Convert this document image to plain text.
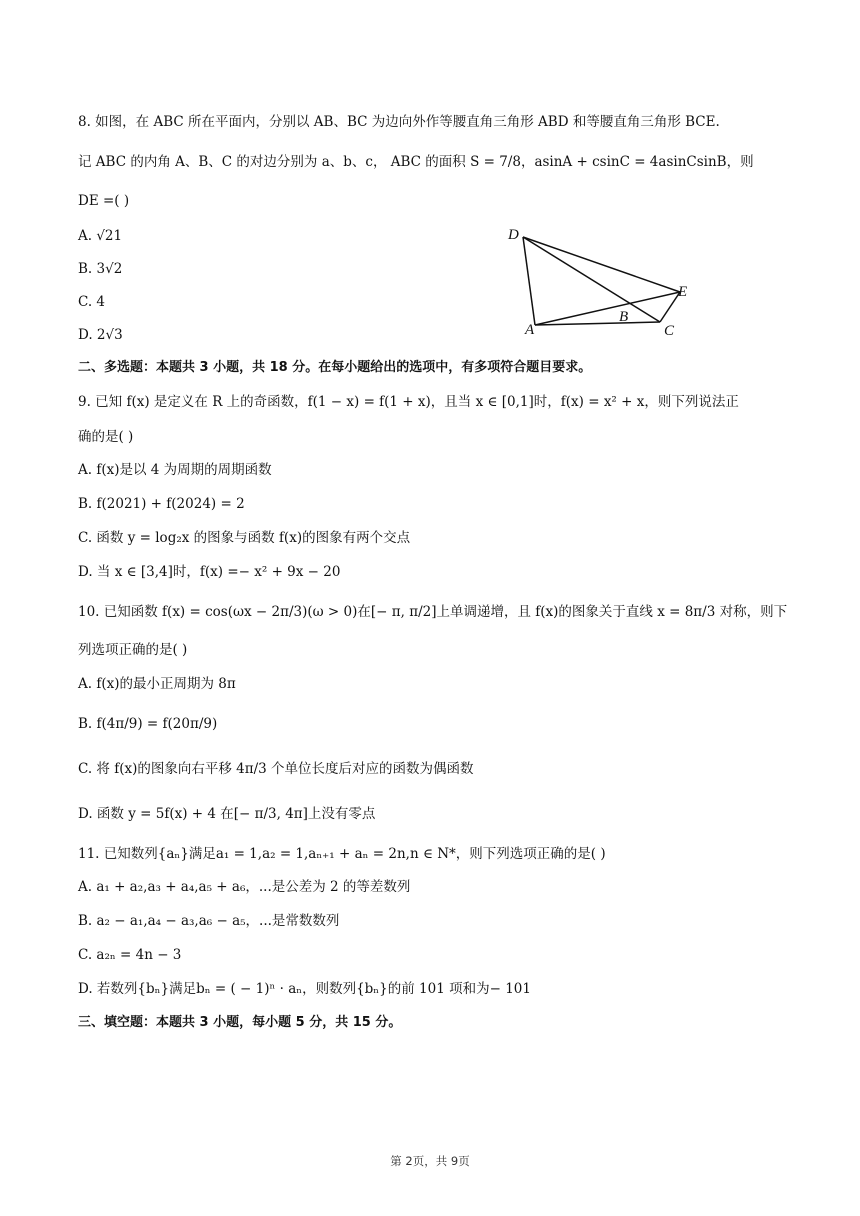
8. 如图，在 ABC 所在平面内，分别以 AB、BC 为边向外作等腰直角三角形 ABD 和等腰直角三角形 BCE.
记 ABC 的内角 A、B、C 的对边分别为 a、b、c， ABC 的面积 S = 7/8，asinA + csinC = 4asinCsinB，则
DE =( )
A. √21
B. 3√2
C. 4
D. 2√3
二、多选题：本题共 3 小题，共 18 分。在每小题给出的选项中，有多项符合题目要求。
9. 已知 f(x) 是定义在 R 上的奇函数，f(1 − x) = f(1 + x)，且当 x ∈ [0,1]时，f(x) = x² + x，则下列说法正
确的是( )
A. f(x)是以 4 为周期的周期函数
B. f(2021) + f(2024) = 2
C. 函数 y = log₂x 的图象与函数 f(x)的图象有两个交点
D. 当 x ∈ [3,4]时，f(x) =− x² + 9x − 20
10. 已知函数 f(x) = cos(ωx − 2π/3)(ω > 0)在[− π, π/2]上单调递增，且 f(x)的图象关于直线 x = 8π/3 对称，则下
列选项正确的是( )
A. f(x)的最小正周期为 8π
B. f(4π/9) = f(20π/9)
C. 将 f(x)的图象向右平移 4π/3 个单位长度后对应的函数为偶函数
D. 函数 y = 5f(x) + 4 在[− π/3, 4π]上没有零点
11. 已知数列{aₙ}满足a₁ = 1,a₂ = 1,aₙ₊₁ + aₙ = 2n,n ∈ N*，则下列选项正确的是( )
A. a₁ + a₂,a₃ + a₄,a₅ + a₆，...是公差为 2 的等差数列
B. a₂ − a₁,a₄ − a₃,a₆ − a₅，...是常数数列
C. a₂ₙ = 4n − 3
D. 若数列{bₙ}满足bₙ = ( − 1)ⁿ · aₙ，则数列{bₙ}的前 101 项和为− 101
三、填空题：本题共 3 小题，每小题 5 分，共 15 分。
D
E
A
B
C
第 2页，共 9页
